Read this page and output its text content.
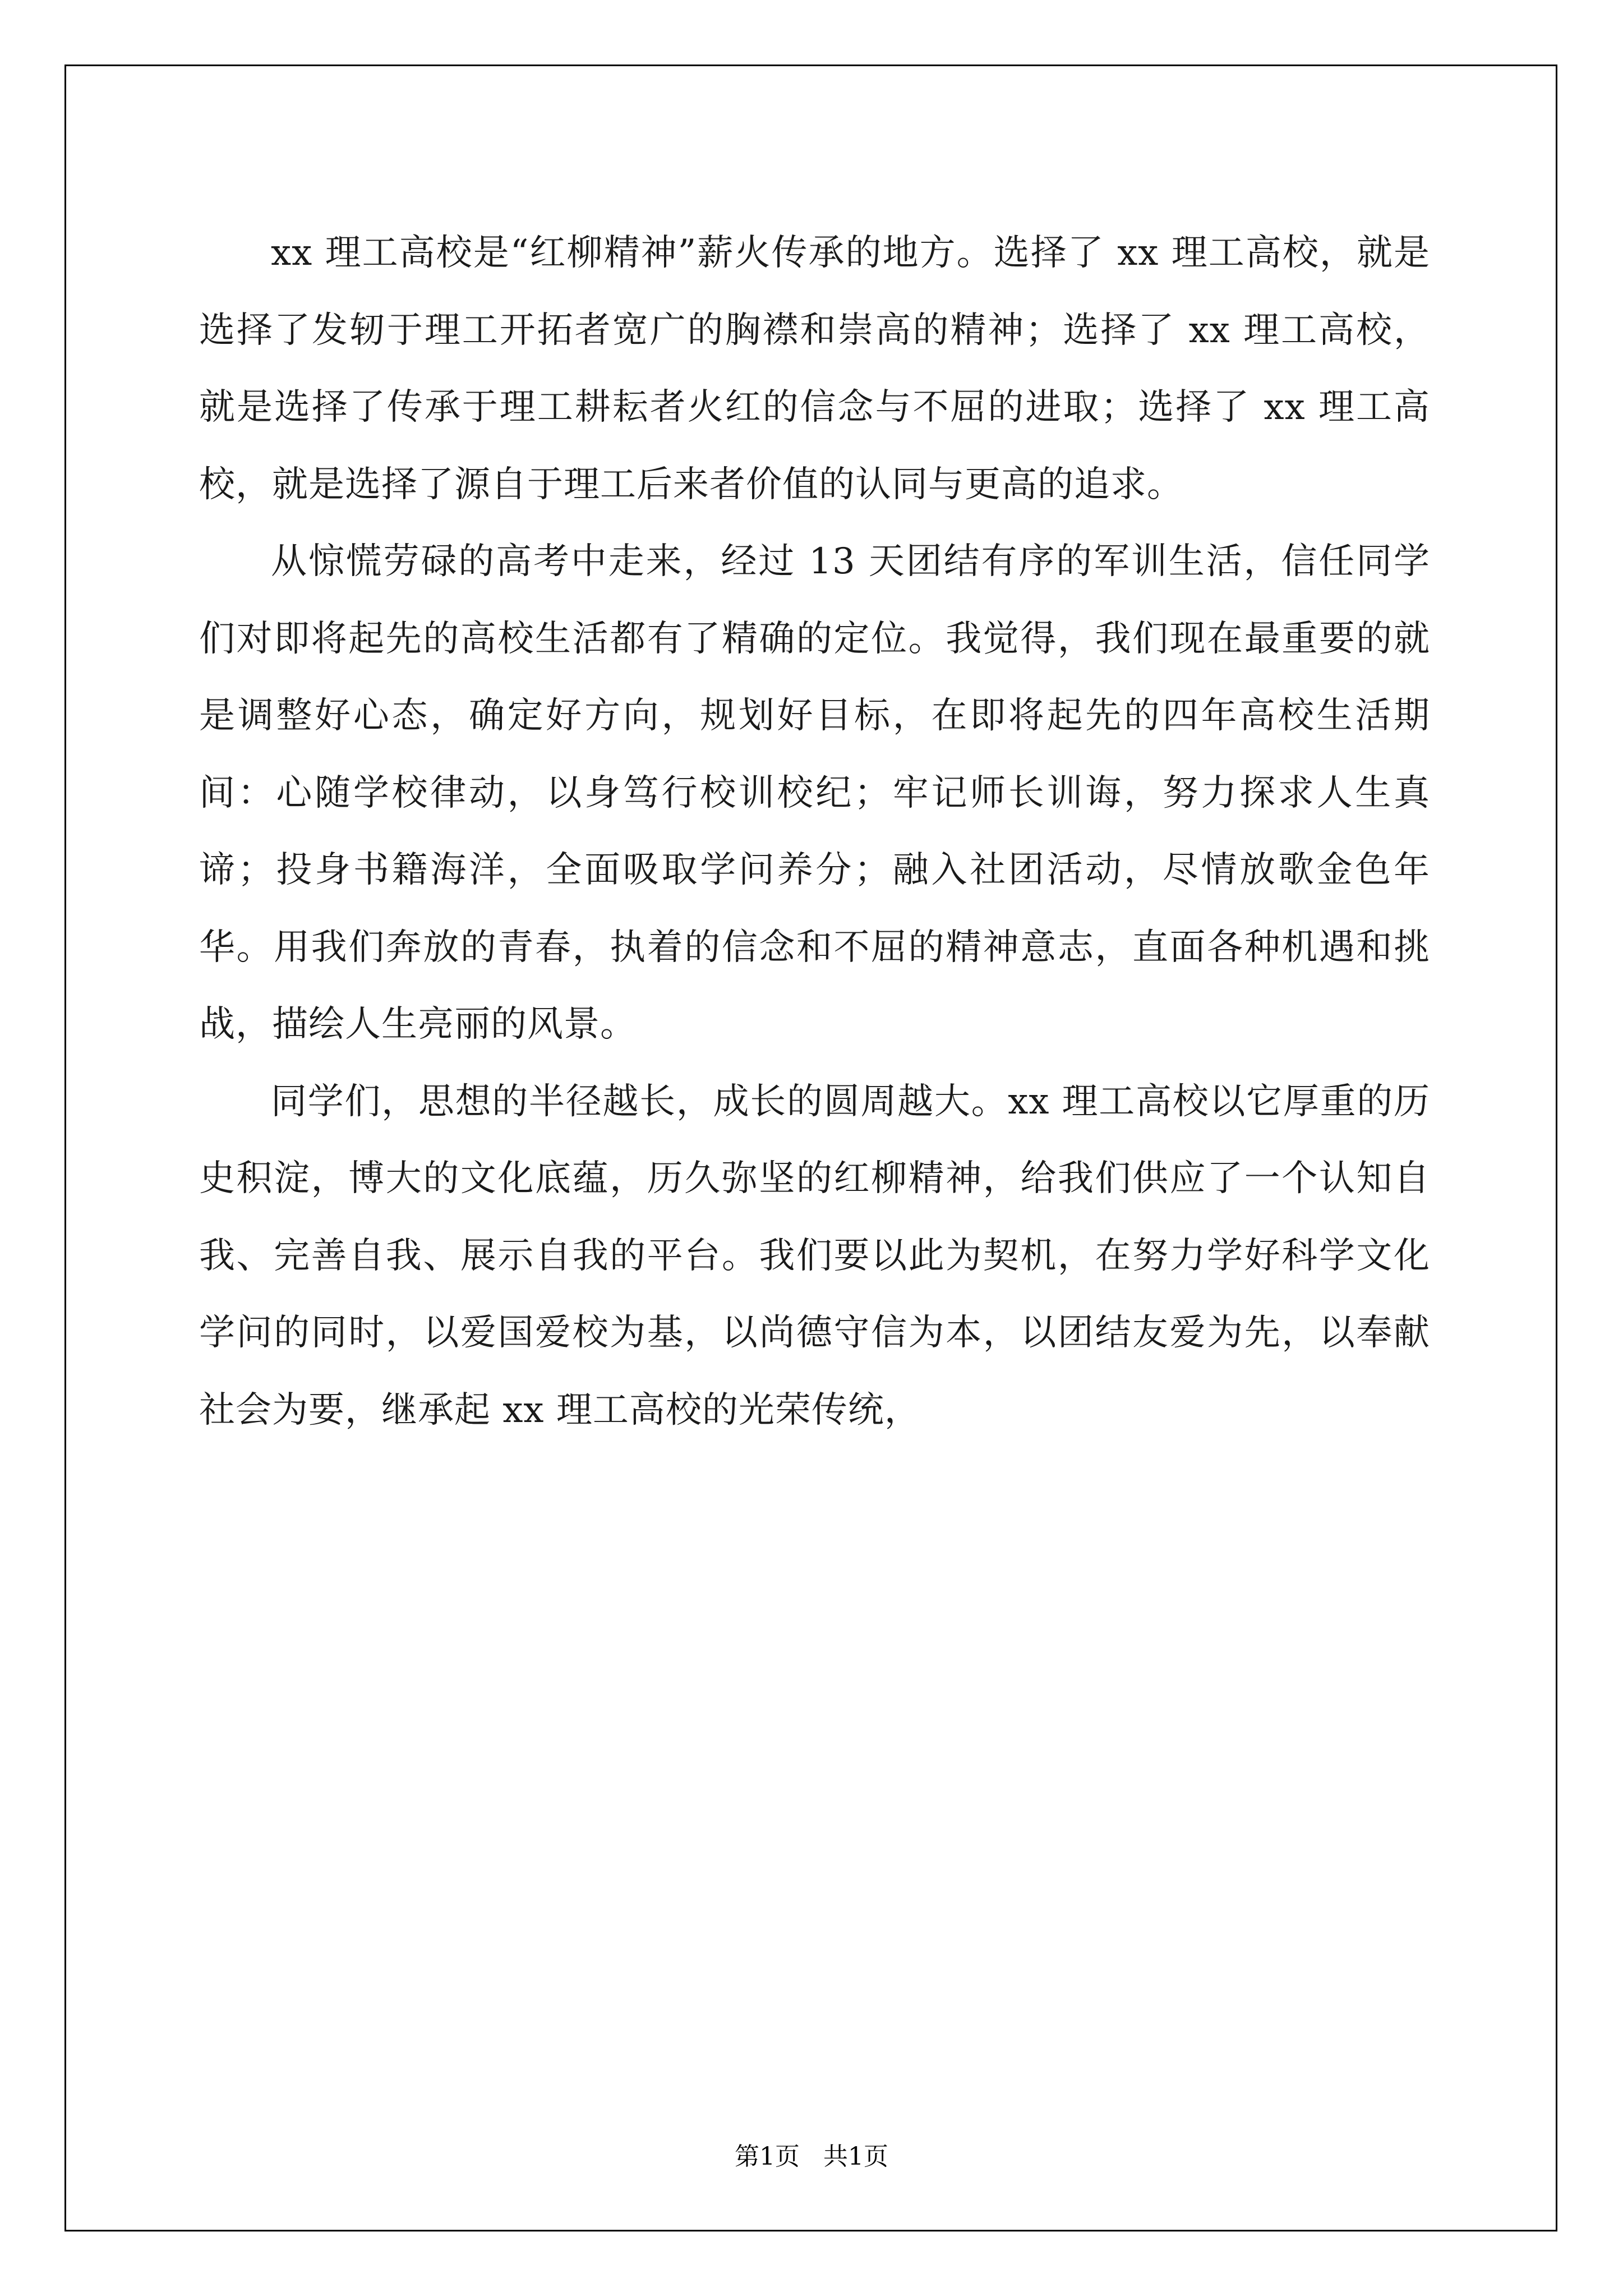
xx 理工高校是“红柳精神”薪火传承的地方。选择了 xx 理工高校，就是选择了发轫于理工开拓者宽广的胸襟和崇高的精神；选择了 xx 理工高校，就是选择了传承于理工耕耘者火红的信念与不屈的进取；选择了 xx 理工高校，就是选择了源自于理工后来者价值的认同与更高的追求。

从惊慌劳碌的高考中走来，经过 13 天团结有序的军训生活，信任同学们对即将起先的高校生活都有了精确的定位。我觉得，我们现在最重要的就是调整好心态，确定好方向，规划好目标，在即将起先的四年高校生活期间：心随学校律动，以身笃行校训校纪；牢记师长训诲，努力探求人生真谛；投身书籍海洋，全面吸取学问养分；融入社团活动，尽情放歌金色年华。用我们奔放的青春，执着的信念和不屈的精神意志，直面各种机遇和挑战，描绘人生亮丽的风景。

同学们，思想的半径越长，成长的圆周越大。xx 理工高校以它厚重的历史积淀，博大的文化底蕴，历久弥坚的红柳精神，给我们供应了一个认知自我、完善自我、展示自我的平台。我们要以此为契机，在努力学好科学文化学问的同时，以爱国爱校为基，以尚德守信为本，以团结友爱为先，以奉献社会为要，继承起 xx 理工高校的光荣传统，

第1页   共1页
